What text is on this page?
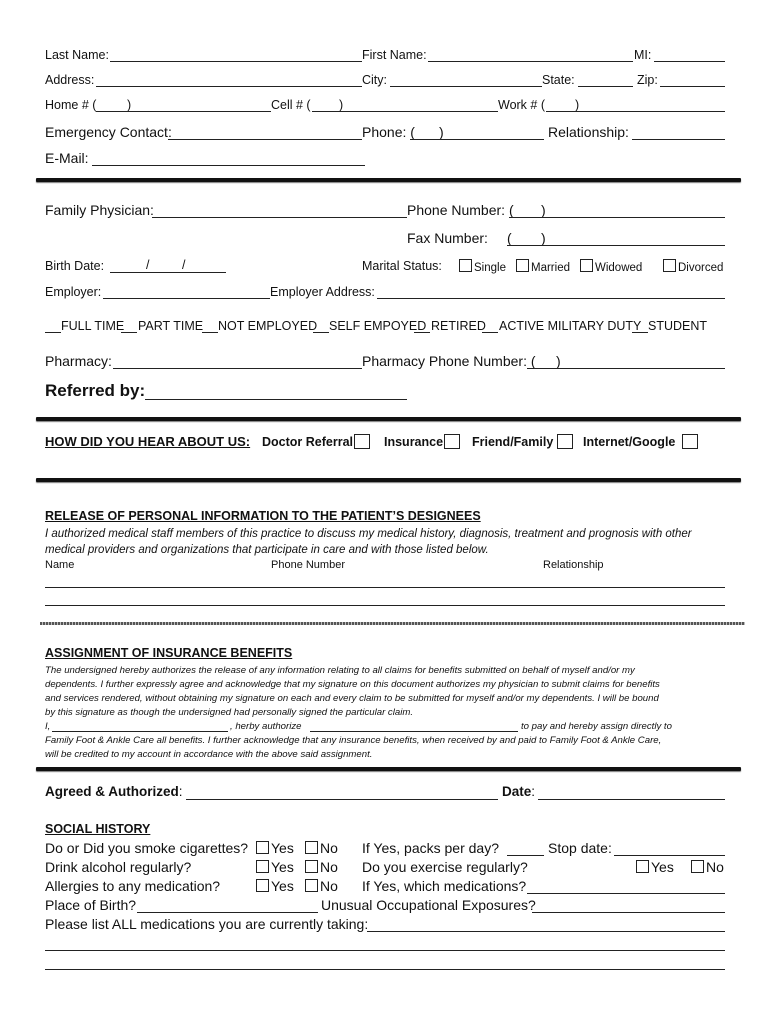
Last Name:	First Name:	MI:
Address:	City:	State:	Zip:
Home # ( )	Cell # ( )	Work # ( )
Emergency Contact:	Phone: ( )	Relationship:
E-Mail:
Family Physician:	Phone Number: ( )
Fax Number: ( )
Birth Date:	/	/	Marital Status:	Single	Married	Widowed	Divorced
Employer:	Employer Address:
FULL TIME PART TIME NOT EMPLOYED SELF EMPOYED RETIRED ACTIVE MILITARY DUTY STUDENT
Pharmacy:	Pharmacy Phone Number: ( )
Referred by:
HOW DID YOU HEAR ABOUT US: Doctor Referral Insurance Friend/Family Internet/Google
RELEASE OF PERSONAL INFORMATION TO THE PATIENT’S DESIGNEES
I authorized medical staff members of this practice to discuss my medical history, diagnosis, treatment and prognosis with other
medical providers and organizations that participate in care and with those listed below.
Name	Phone Number	Relationship
ASSIGNMENT OF INSURANCE BENEFITS
The undersigned hereby authorizes the release of any information relating to all claims for benefits submitted on behalf of myself and/or my
dependents. I further expressly agree and acknowledge that my signature on this document authorizes my physician to submit claims for benefits
and services rendered, without obtaining my signature on each and every claim to be submitted for myself and/or my dependents. I will be bound
by this signature as though the undersigned had personally signed the particular claim.
I,	, herby authorize	to pay and hereby assign directly to
Family Foot & Ankle Care all benefits. I further acknowledge that any insurance benefits, when received by and paid to Family Foot & Ankle Care,
will be credited to my account in accordance with the above said assignment.
Agreed & Authorized:	Date:
SOCIAL HISTORY
Do or Did you smoke cigarettes?	Yes	No If Yes, packs per day?	Stop date:
Drink alcohol regularly?	Yes	No Do you exercise regularly?	Yes	No
Allergies to any medication?	Yes	No If Yes, which medications?
Place of Birth?	Unusual Occupational Exposures?
Please list ALL medications you are currently taking:
